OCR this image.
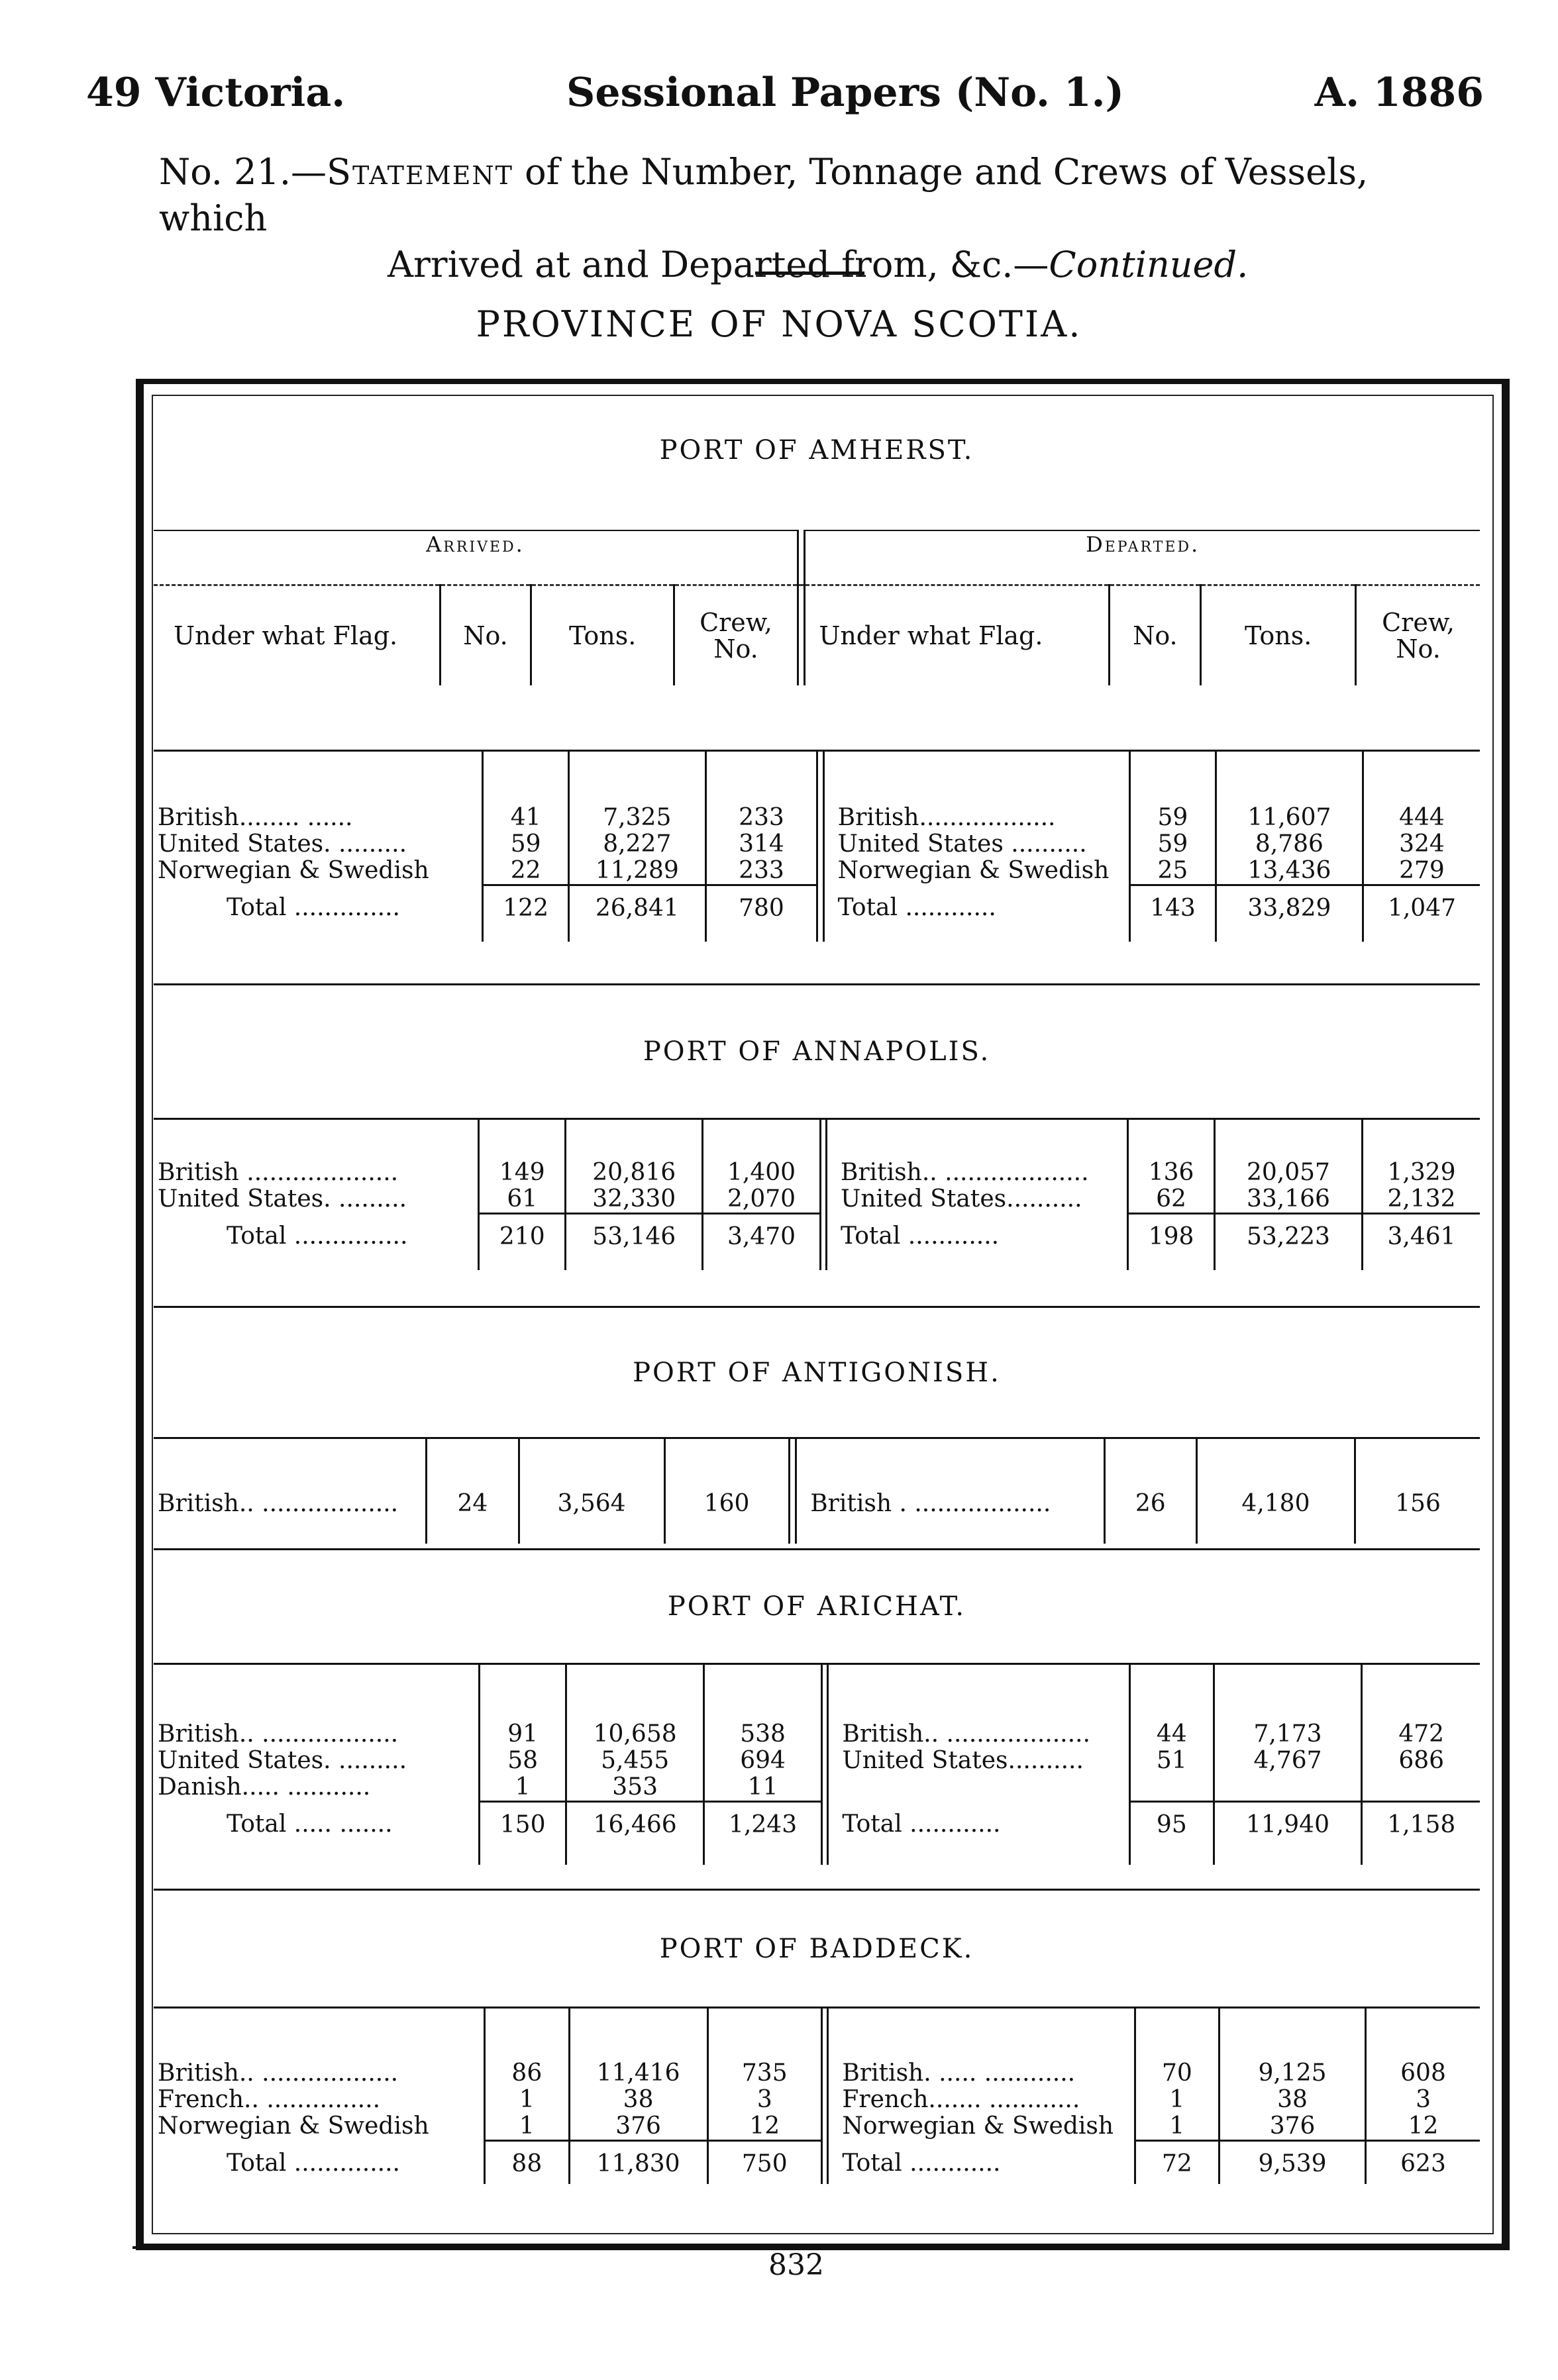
49 Victoria.	Sessional Papers (No. 1.)	A. 1886
No. 21.—Statement of the Number, Tonnage and Crews of Vessels, which
Arrived at and Departed from, &c.—Continued.
PROVINCE OF NOVA SCOTIA.
Arrived.					Departed.			
Under what Flag.	No.	Tons.	Crew, No.		Under what Flag.	No.	Tons.	Crew, No.
PORT OF AMHERST.

British........ ......	41	7,325	233		British..................	59	11,607	444
United States. .........	59	8,227	314		United States ..........	59	8,786	324
Norwegian & Swedish	22	11,289	233		Norwegian & Swedish	25	13,436	279
Total ..............	122	26,841	780		Total ............	143	33,829	1,047

PORT OF ANNAPOLIS.								

British ....................	149	20,816	1,400		British.. ...................	136	20,057	1,329
United States. .........	61	32,330	2,070		United States..........	62	33,166	2,132
Total ...............	210	53,146	3,470		Total ............	198	53,223	3,461

PORT OF ANTIGONISH.								

British.. ..................	24	3,564	160		British . ..................	26	4,180	156

PORT OF ARICHAT.								

British.. ..................	91	10,658	538		British.. ...................	44	7,173	472
United States. .........	58	5,455	694		United States..........	51	4,767	686
Danish..... ...........	1	353	11					
Total ..... .......	150	16,466	1,243		Total ............	95	11,940	1,158

PORT OF BADDECK.								

British.. ..................	86	11,416	735		British. ..... ............	70	9,125	608
French.. ...............	1	38	3		French....... ............	1	38	3
Norwegian & Swedish	1	376	12		Norwegian & Swedish	1	376	12
Total ..............	88	11,830	750		Total ............	72	9,539	623
832
